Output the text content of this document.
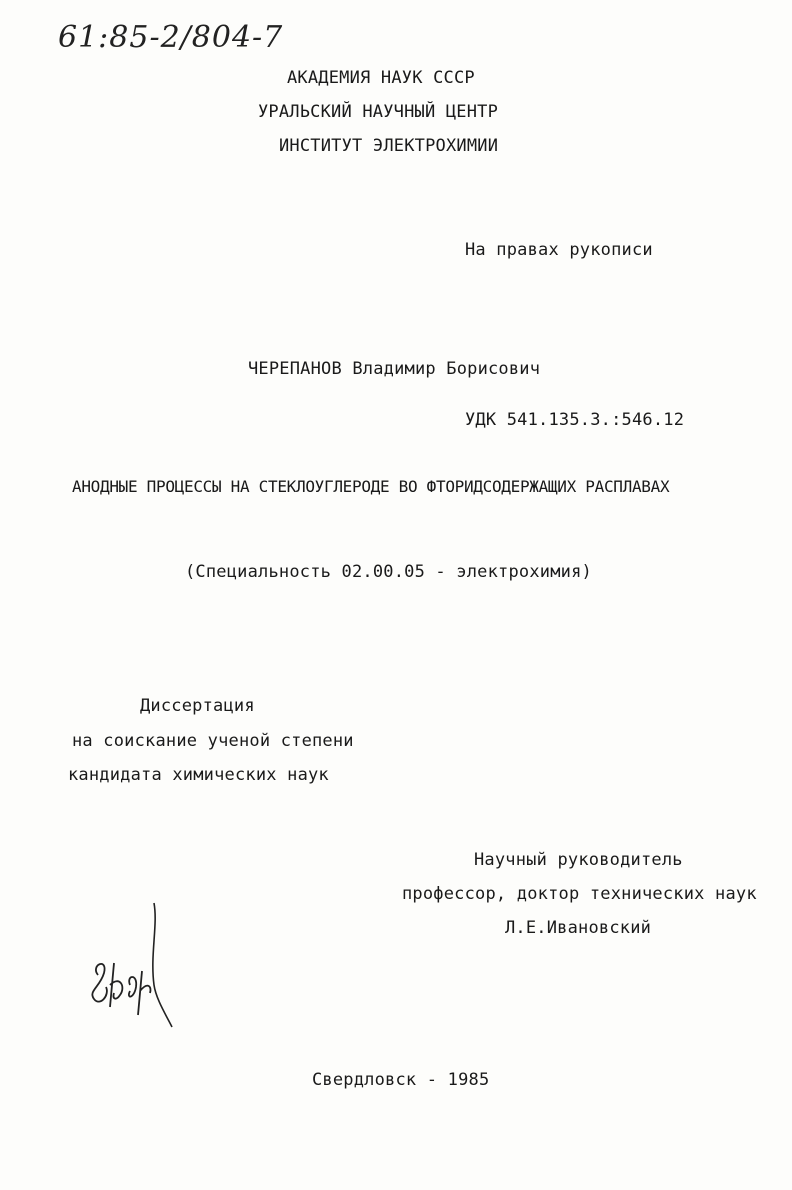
61:85-2/804-7
АКАДЕМИЯ НАУК СССР
УРАЛЬСКИЙ НАУЧНЫЙ ЦЕНТР
ИНСТИТУТ ЭЛЕКТРОХИМИИ
На правах рукописи
ЧЕРЕПАНОВ Владимир Борисович
УДК 541.135.3.:546.12
АНОДНЫЕ ПРОЦЕССЫ НА СТЕКЛОУГЛЕРОДЕ ВО ФТОРИДСОДЕРЖАЩИХ РАСПЛАВАХ
(Специальность 02.00.05 - электрохимия)
Диссертация
на соискание ученой степени
кандидата химических наук
Научный руководитель
профессор, доктор технических наук
Л.Е.Ивановский
Свердловск - 1985
